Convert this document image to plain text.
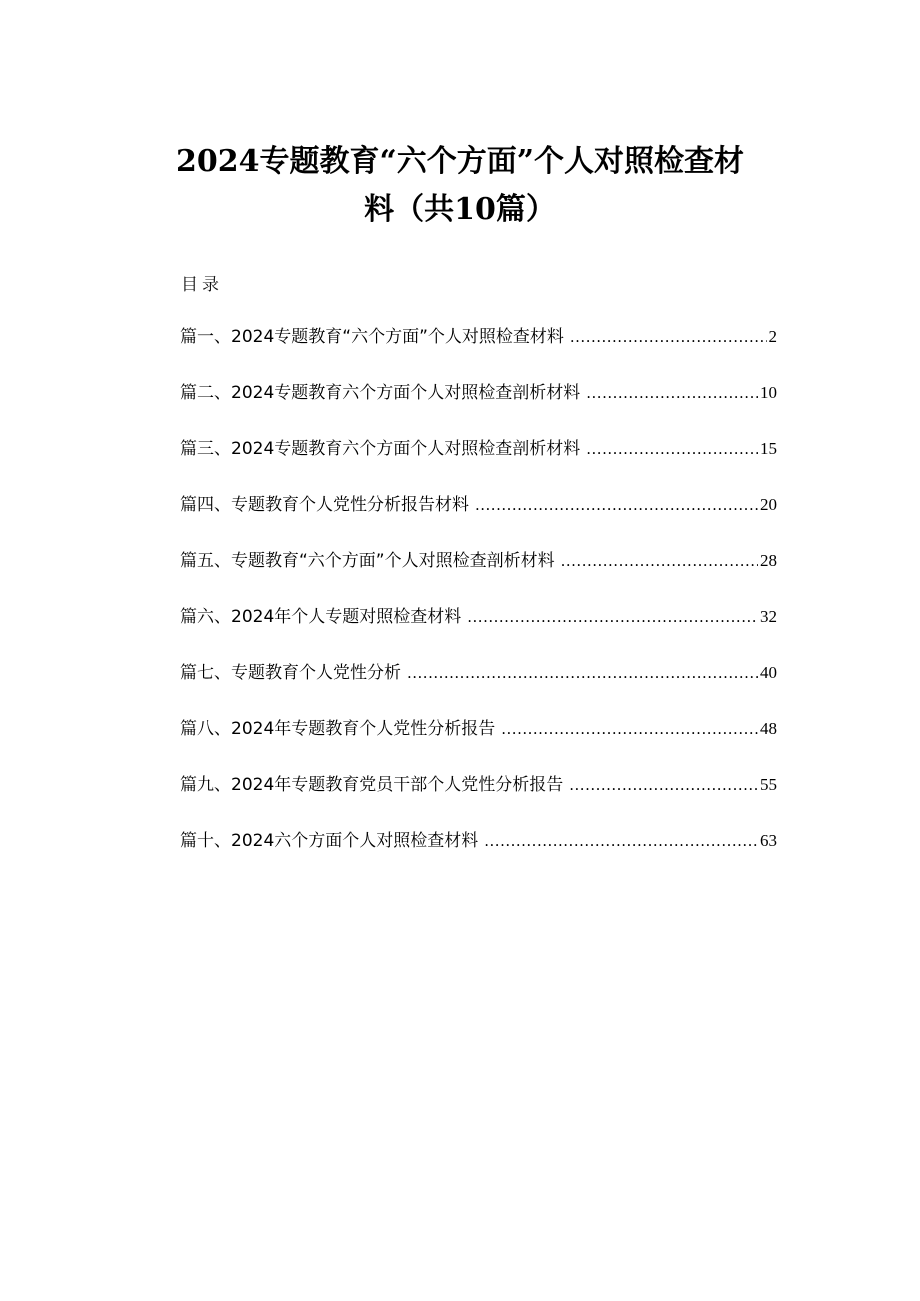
2024专题教育“六个方面”个人对照检查材
料（共10篇）
目录
篇一、2024专题教育“六个方面”个人对照检查材料 .....	2
篇二、2024专题教育六个方面个人对照检查剖析材料 .....	10
篇三、2024专题教育六个方面个人对照检查剖析材料 .....	15
篇四、专题教育个人党性分析报告材料 .....	20
篇五、专题教育“六个方面”个人对照检查剖析材料 .....	28
篇六、2024年个人专题对照检查材料 .....	32
篇七、专题教育个人党性分析 .....	40
篇八、2024年专题教育个人党性分析报告 .....	48
篇九、2024年专题教育党员干部个人党性分析报告 .....	55
篇十、2024六个方面个人对照检查材料 .....	63
